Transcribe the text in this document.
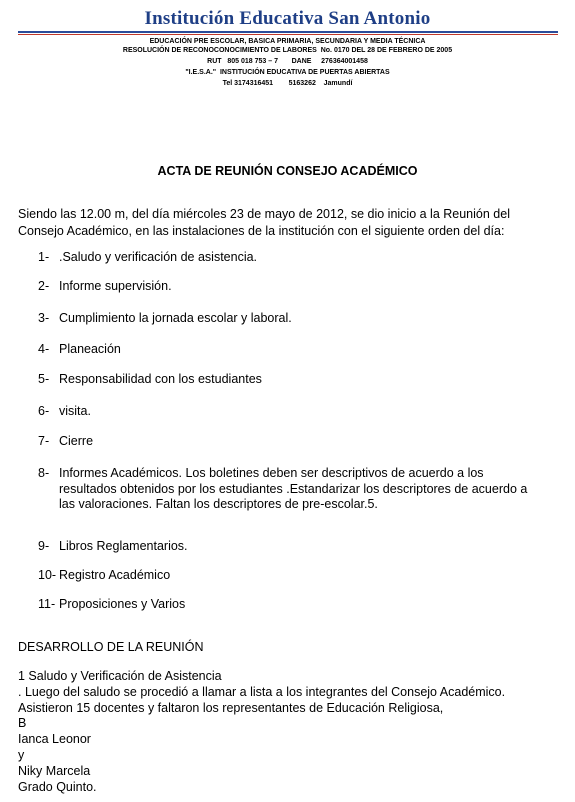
Institución Educativa San Antonio
EDUCACIÓN PRE ESCOLAR, BASICA PRIMARIA, SECUNDARIA Y MEDIA TÉCNICA
RESOLUCIÓN DE RECONOCONOCIMIENTO DE LABORES  No. 0170 DEL 28 DE FEBRERO DE 2005
RUT   805 018 753 – 7       DANE     276364001458
"I.E.S.A."  INSTITUCIÓN EDUCATIVA DE PUERTAS ABIERTAS
Tel 3174316451        5163262    Jamundí
ACTA DE REUNIÓN CONSEJO ACADÉMICO
Siendo las 12.00 m, del día miércoles 23 de mayo de 2012, se dio inicio a la Reunión del Consejo Académico, en las instalaciones de la institución con el siguiente orden del día:
1- .Saludo y verificación de asistencia.
2- Informe supervisión.
3- Cumplimiento la jornada escolar y laboral.
4- Planeación
5- Responsabilidad con los estudiantes
6- visita.
7- Cierre
8- Informes Académicos. Los boletines deben ser descriptivos de acuerdo a los resultados obtenidos por los estudiantes .Estandarizar los descriptores de acuerdo a las valoraciones. Faltan los descriptores de pre-escolar.5.
9- Libros Reglamentarios.
10- Registro Académico
11- Proposiciones y Varios
DESARROLLO DE LA REUNIÓN
1 Saludo y Verificación de Asistencia
. Luego del saludo se procedió a llamar a lista a los integrantes del Consejo Académico.
Asistieron 15 docentes y faltaron los representantes de Educación Religiosa,
B
Ianca Leonor
y
Niky Marcela
Grado Quinto.
